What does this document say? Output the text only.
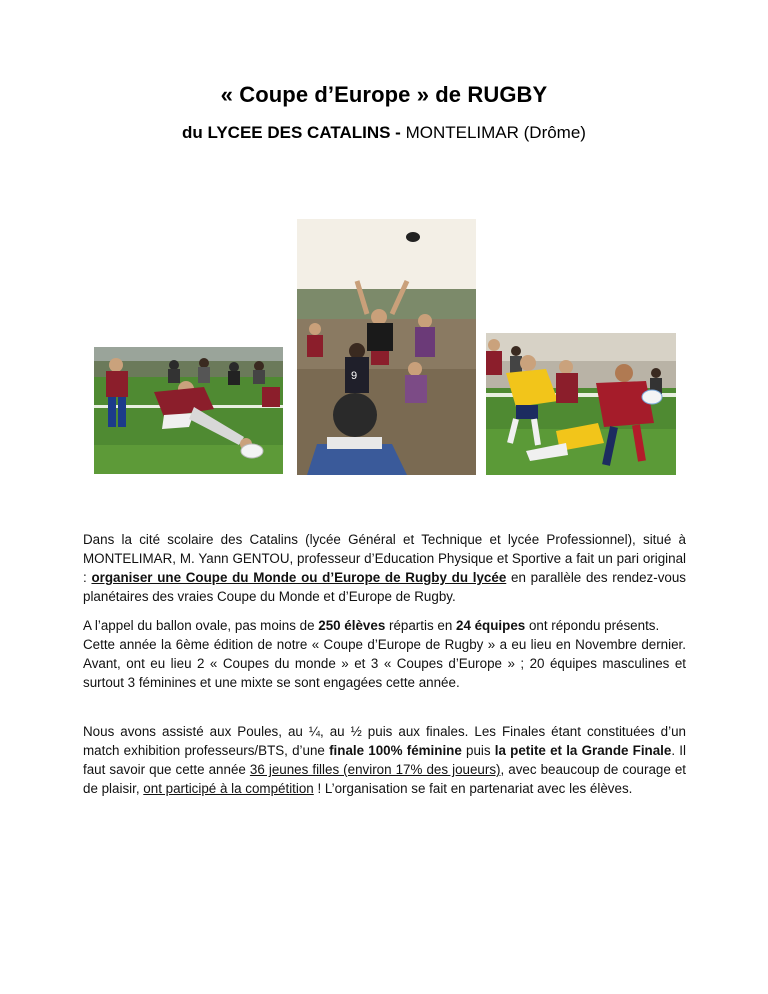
« Coupe d’Europe » de RUGBY
du LYCEE DES CATALINS - MONTELIMAR (Drôme)
9
Dans la cité scolaire des Catalins (lycée Général et Technique et lycée Professionnel), situé à MONTELIMAR, M. Yann GENTOU, professeur d’Education Physique et Sportive a fait un pari original : organiser une Coupe du Monde ou d’Europe de Rugby du lycée en parallèle des rendez-vous planétaires des vraies Coupe du Monde et d’Europe de Rugby.
A l’appel du ballon ovale, pas moins de 250 élèves répartis en 24 équipes ont répondu présents.
Cette année la 6ème édition de notre « Coupe d’Europe de Rugby » a eu lieu en Novembre dernier. Avant, ont eu lieu 2 « Coupes du monde » et 3 « Coupes d’Europe » ; 20 équipes masculines et surtout 3 féminines et une mixte se sont engagées cette année.
Nous avons assisté aux Poules, au ¼, au ½ puis aux finales. Les Finales étant constituées d’un match exhibition professeurs/BTS, d’une finale 100% féminine puis la petite et la Grande Finale. Il faut savoir que cette année 36 jeunes filles (environ 17% des joueurs), avec beaucoup de courage et de plaisir, ont participé à la compétition ! L’organisation se fait en partenariat avec les élèves.
